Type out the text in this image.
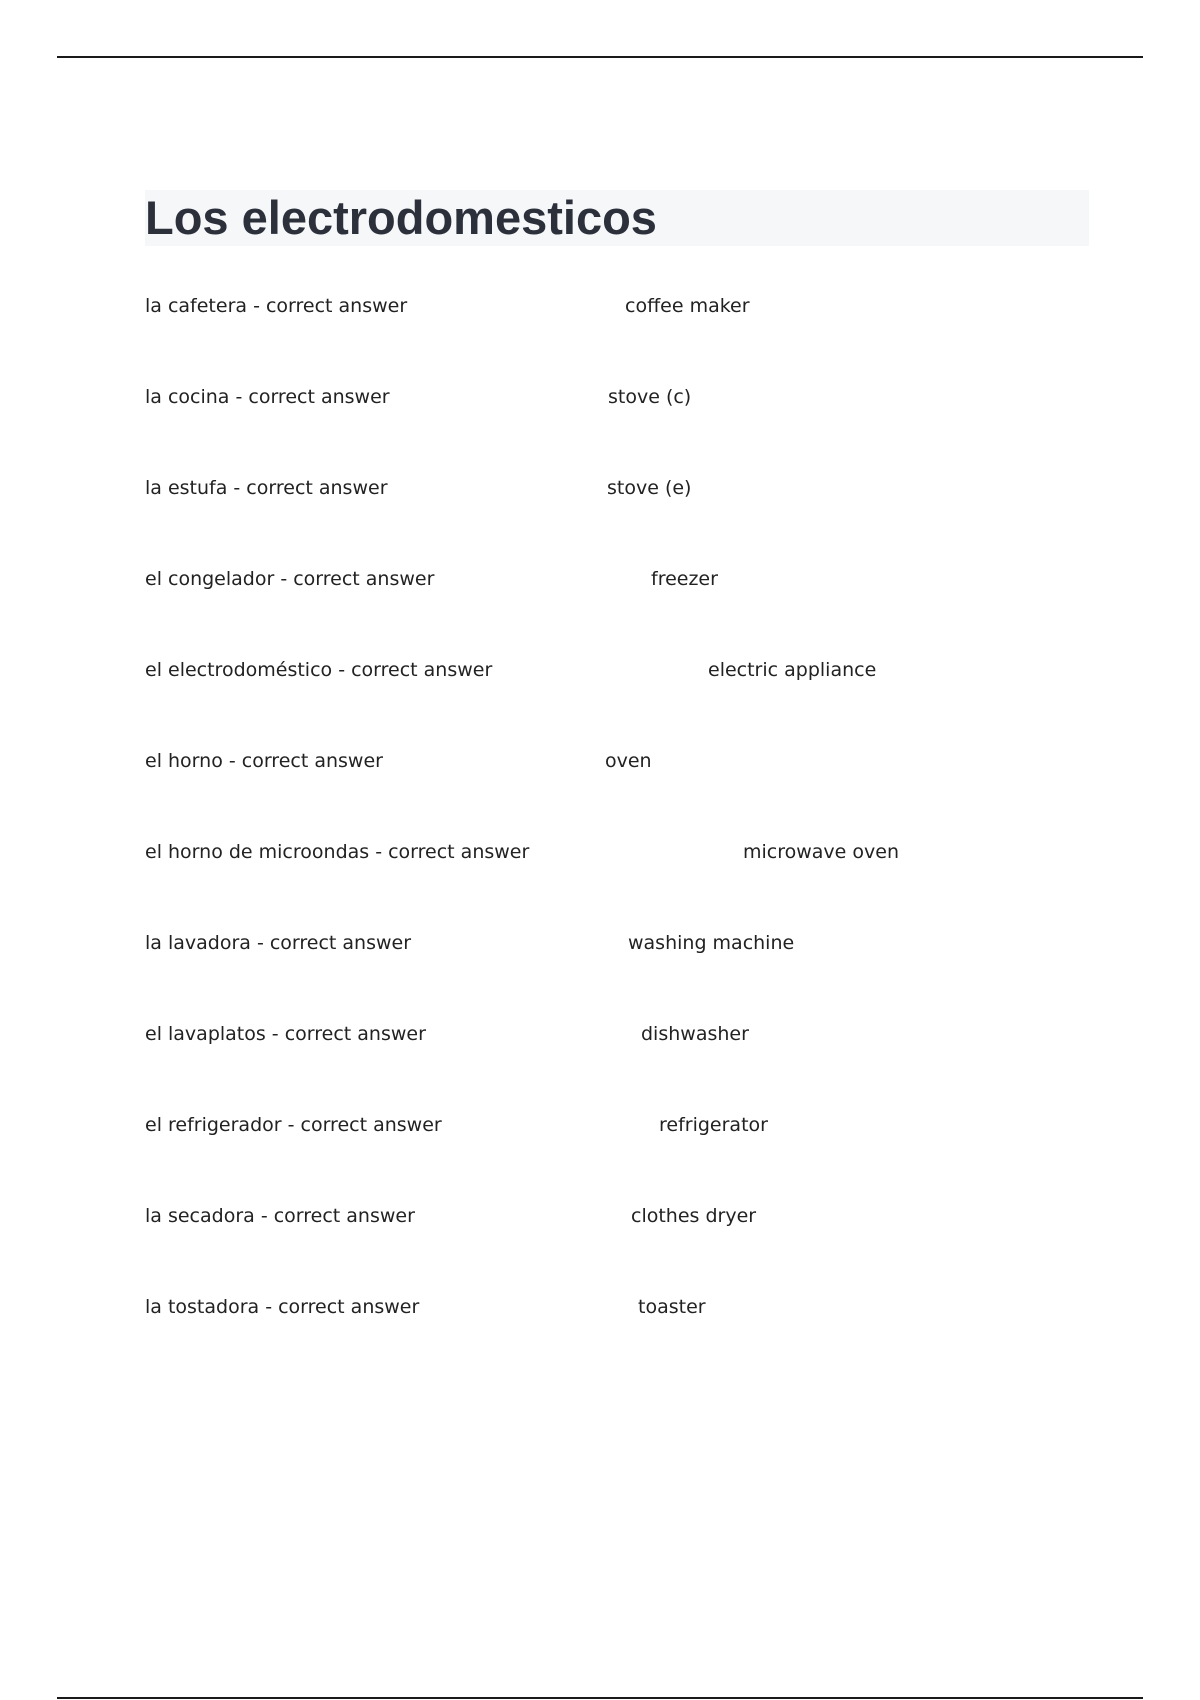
Los electrodomesticos
la cafetera - correct answer	coffee maker
la cocina - correct answer	stove (c)
la estufa - correct answer	stove (e)
el congelador - correct answer	freezer
el electrodoméstico - correct answer	electric appliance
el horno - correct answer	oven
el horno de microondas - correct answer	microwave oven
la lavadora - correct answer	washing machine
el lavaplatos - correct answer	dishwasher
el refrigerador - correct answer	refrigerator
la secadora - correct answer	clothes dryer
la tostadora - correct answer	toaster
